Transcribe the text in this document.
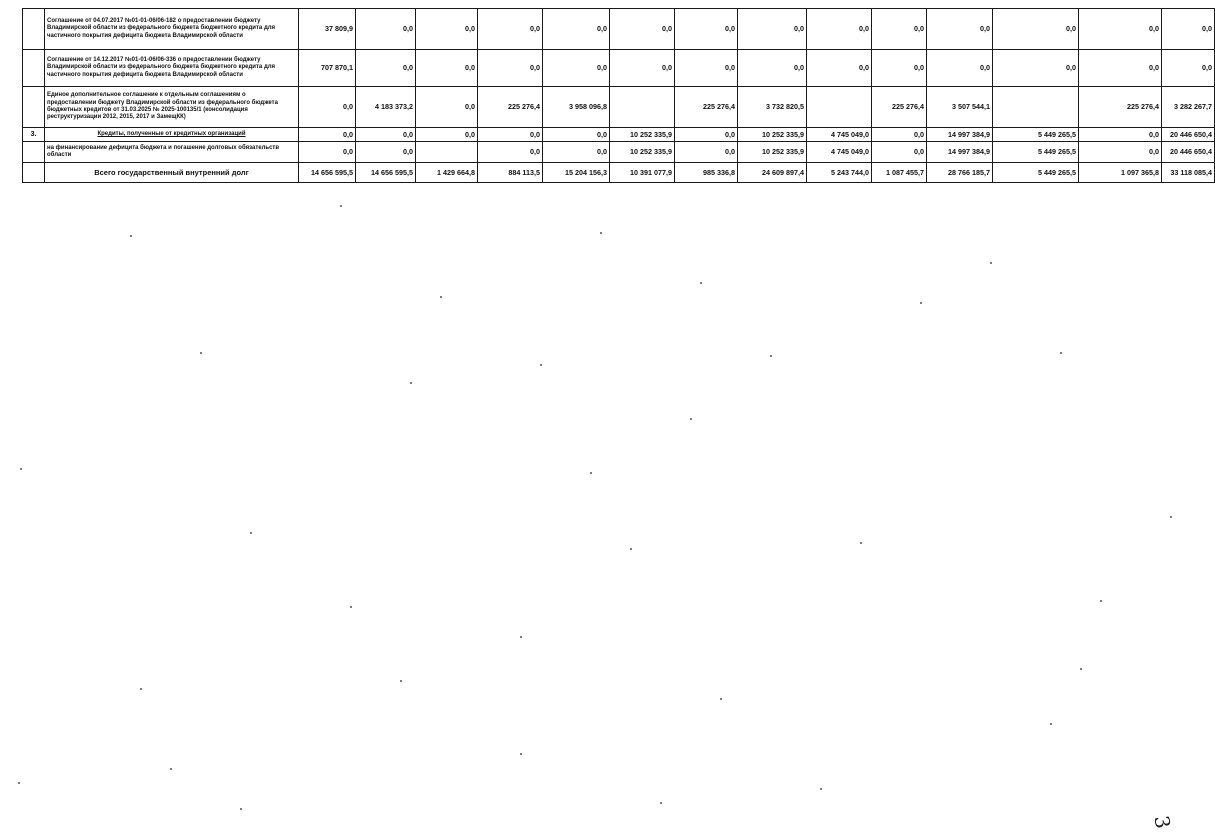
	Соглашение от 04.07.2017 №01-01-06/06-182 о предоставлении бюджету Владимирской области из федерального бюджета бюджетного кредита для частичного покрытия дефицита бюджета Владимирской области	37 809,9	0,0	0,0	0,0	0,0	0,0	0,0	0,0	0,0	0,0	0,0	0,0	0,0	0,0
	Соглашение от 14.12.2017 №01-01-06/06-336 о предоставлении бюджету Владимирской области из федерального бюджета бюджетного кредита для частичного покрытия дефицита бюджета Владимирской области	707 870,1	0,0	0,0	0,0	0,0	0,0	0,0	0,0	0,0	0,0	0,0	0,0	0,0	0,0
	Единое дополнительное соглашение к отдельным соглашениям о предоставлении бюджету Владимирской области из федерального бюджета бюджетных кредитов от 31.03.2025 № 2025-100135/1 (консолидация реструктуризации 2012, 2015, 2017 и ЗамещКК)	0,0	4 183 373,2	0,0	225 276,4	3 958 096,8		225 276,4	3 732 820,5		225 276,4	3 507 544,1		225 276,4	3 282 267,7
3.	Кредиты, полученные от кредитных организаций	0,0	0,0	0,0	0,0	0,0	10 252 335,9	0,0	10 252 335,9	4 745 049,0	0,0	14 997 384,9	5 449 265,5	0,0	20 446 650,4
	на финансирование дефицита бюджета и погашение долговых обязательств области	0,0	0,0		0,0	0,0	10 252 335,9	0,0	10 252 335,9	4 745 049,0	0,0	14 997 384,9	5 449 265,5	0,0	20 446 650,4
	Всего государственный внутренний долг	14 656 595,5	14 656 595,5	1 429 664,8	884 113,5	15 204 156,3	10 391 077,9	985 336,8	24 609 897,4	5 243 744,0	1 087 455,7	28 766 185,7	5 449 265,5	1 097 365,8	33 118 085,4
3
